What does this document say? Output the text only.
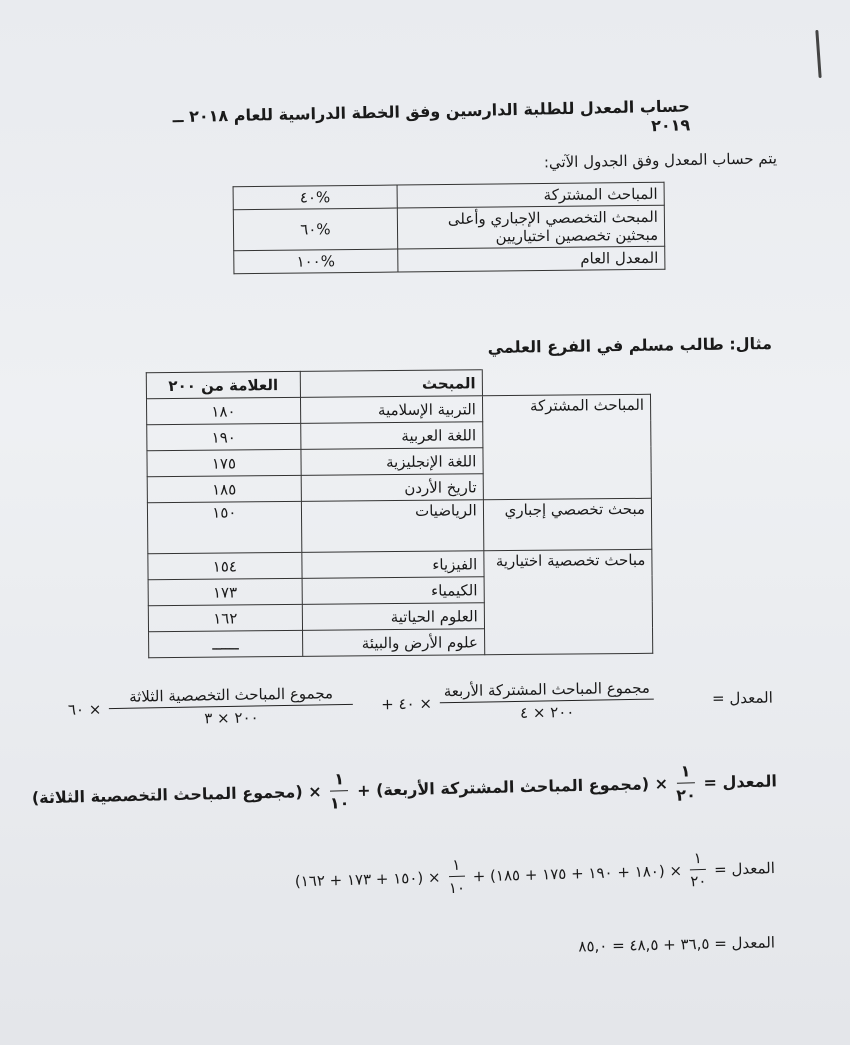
حساب المعدل للطلبة الدارسين وفق الخطة الدراسية للعام ٢٠١٨ ــ ٢٠١٩
يتم حساب المعدل وفق الجدول الآتي:
المباحث المشتركة	%٤٠
المبحث التخصصي الإجباري وأعلى مبحثين تخصصين اختياريين	%٦٠
المعدل العام	%١٠٠
مثال: طالب مسلم في الفرع العلمي
	المبحث	العلامة من ٢٠٠
المباحث المشتركة	التربية الإسلامية	١٨٠
	اللغة العربية	١٩٠
	اللغة الإنجليزية	١٧٥
	تاريخ الأردن	١٨٥
مبحث تخصصي إجباري	الرياضيات	١٥٠
مباحث تخصصية اختيارية	الفيزياء	١٥٤
	الكيمياء	١٧٣
	العلوم الحياتية	١٦٢
	علوم الأرض والبيئة	ــــــ
المعدل =
$\frac{\text{مجموع المباحث المشتركة الأربعة}}{٢٠٠ \times ٤}$
× ٤٠ +
$\frac{\text{مجموع المباحث التخصصية الثلاثة}}{٢٠٠ \times ٣}$
× ٦٠
المعدل =
$\frac{١}{٢٠}$
× (مجموع المباحث المشتركة الأربعة) +
$\frac{١}{١٠}$
× (مجموع المباحث التخصصية الثلاثة)
المعدل =
$\frac{١}{٢٠}$
× (١٨٠ + ١٩٠ + ١٧٥ + ١٨٥) +
$\frac{١}{١٠}$
× (١٥٠ + ١٧٣ + ١٦٢)
المعدل = ٣٦,٥ + ٤٨,٥ = ٨٥,٠
